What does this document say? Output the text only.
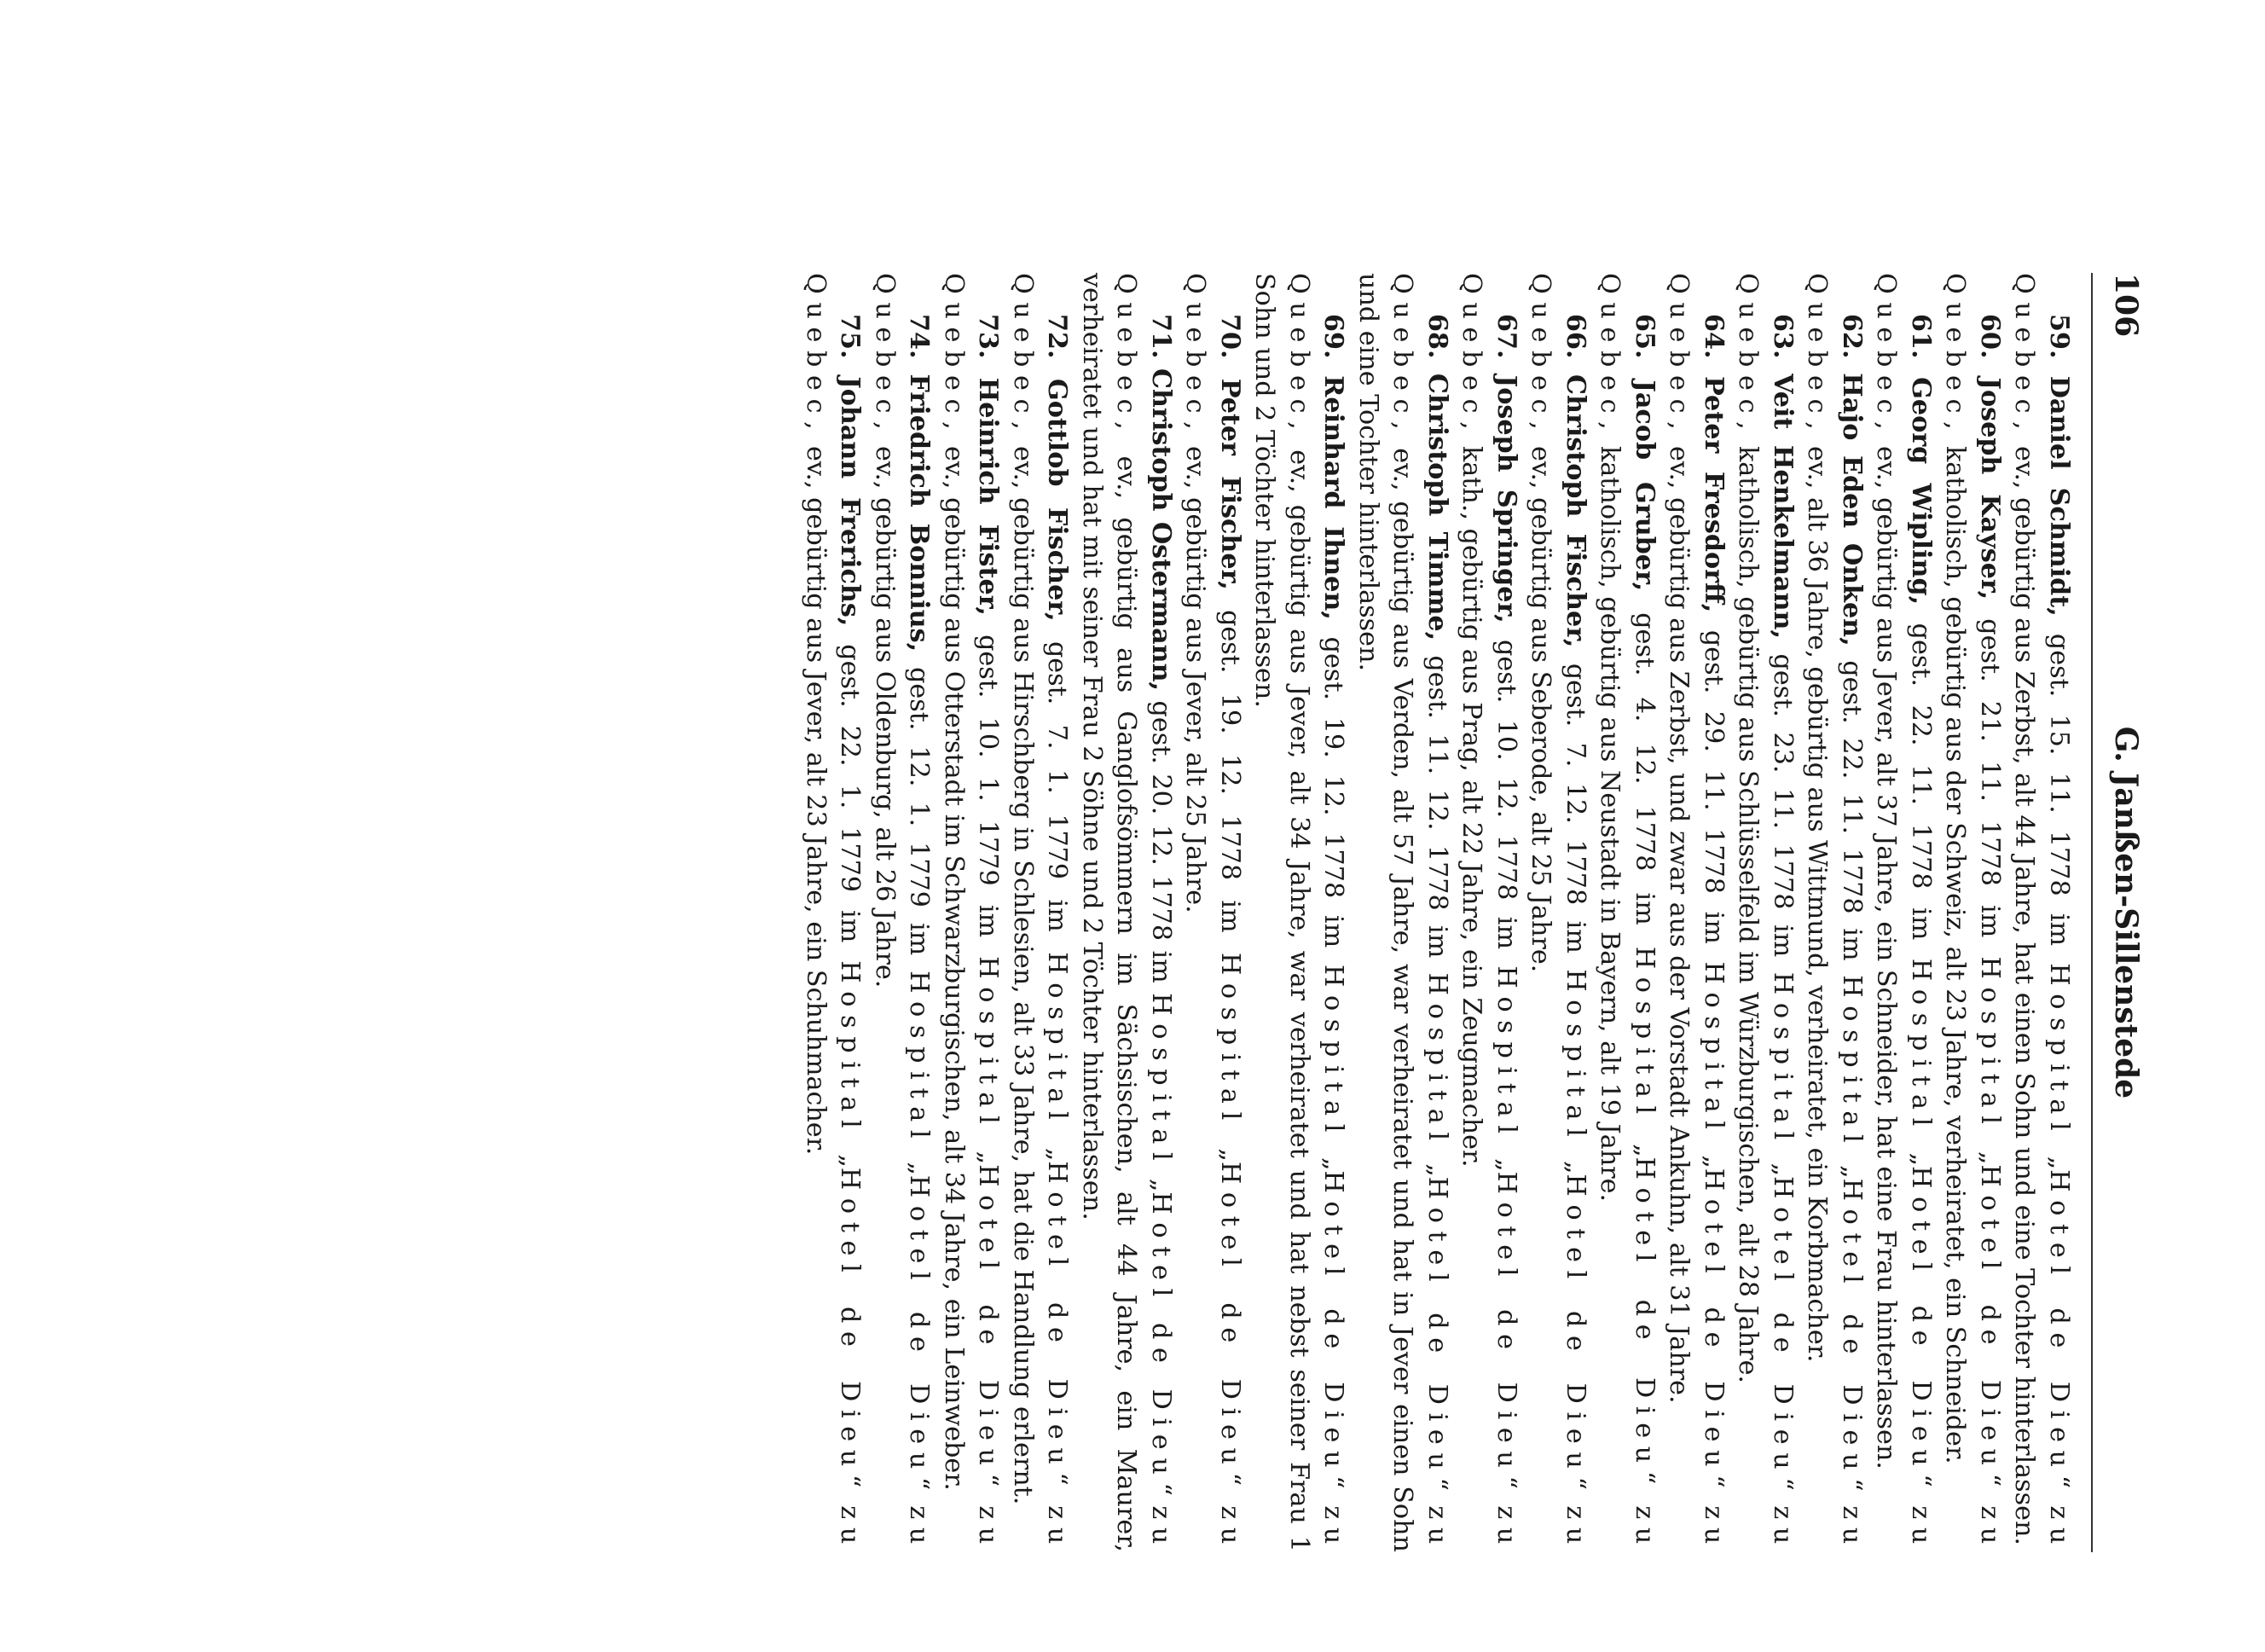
106
G. Janßen-Sillenstede

59. Daniel Schmidt, gest. 15. 11. 1778 im Hospital „Hotel de Dieu“ zu Quebec, ev., gebürtig aus Zerbst, alt 44 Jahre, hat einen Sohn und eine Tochter hinterlassen.

60. Joseph Kayser, gest. 21. 11. 1778 im Hospital „Hotel de Dieu“ zu Quebec, katholisch, gebürtig aus der Schweiz, alt 23 Jahre, verheiratet, ein Schneider.

61. Georg Wipling, gest. 22. 11. 1778 im Hospital „Hotel de Dieu“ zu Quebec, ev., gebürtig aus Jever, alt 37 Jahre, ein Schneider, hat eine Frau hinterlassen.

62. Hajo Eden Onken, gest. 22. 11. 1778 im Hospital „Hotel de Dieu“ zu Quebec, ev., alt 36 Jahre, gebürtig aus Wittmund, verheiratet, ein Korbmacher.

63. Veit Henkelmann, gest. 23. 11. 1778 im Hospital „Hotel de Dieu“ zu Quebec, katholisch, gebürtig aus Schlüsselfeld im Würzburgischen, alt 28 Jahre.

64. Peter Fresdorff, gest. 29. 11. 1778 im Hospital „Hotel de Dieu“ zu Quebec, ev., gebürtig aus Zerbst, und zwar aus der Vorstadt Ankuhn, alt 31 Jahre.

65. Jacob Gruber, gest. 4. 12. 1778 im Hospital „Hotel de Dieu“ zu Quebec, katholisch, gebürtig aus Neustadt in Bayern, alt 19 Jahre.

66. Christoph Fischer, gest. 7. 12. 1778 im Hospital „Hotel de Dieu“ zu Quebec, ev., gebürtig aus Seberode, alt 25 Jahre.

67. Joseph Springer, gest. 10. 12. 1778 im Hospital „Hotel de Dieu“ zu Quebec, kath., gebürtig aus Prag, alt 22 Jahre, ein Zeugmacher.

68. Christoph Timme, gest. 11. 12. 1778 im Hospital „Hotel de Dieu“ zu Quebec, ev., gebürtig aus Verden, alt 57 Jahre, war verheiratet und hat in Jever einen Sohn und eine Tochter hinterlassen.

69. Reinhard Ihnen, gest. 19. 12. 1778 im Hospital „Hotel de Dieu“ zu Quebec, ev., gebürtig aus Jever, alt 34 Jahre, war verheiratet und hat nebst seiner Frau 1 Sohn und 2 Töchter hinterlassen.

70. Peter Fischer, gest. 19. 12. 1778 im Hospital „Hotel de Dieu“ zu Quebec, ev., gebürtig aus Jever, alt 25 Jahre.

71. Christoph Ostermann, gest. 20. 12. 1778 im Hospital „Hotel de Dieu“ zu Quebec, ev., gebürtig aus Ganglofsömmern im Sächsischen, alt 44 Jahre, ein Maurer, verheiratet und hat mit seiner Frau 2 Söhne und 2 Töchter hinterlassen.

72. Gottlob Fischer, gest. 7. 1. 1779 im Hospital „Hotel de Dieu“ zu Quebec, ev., gebürtig aus Hirschberg in Schlesien, alt 33 Jahre, hat die Handlung erlernt.

73. Heinrich Fister, gest. 10. 1. 1779 im Hospital „Hotel de Dieu“ zu Quebec, ev., gebürtig aus Otterstadt im Schwarzburgischen, alt 34 Jahre, ein Leinweber.

74. Friedrich Bonnius, gest. 12. 1. 1779 im Hospital „Hotel de Dieu“ zu Quebec, ev., gebürtig aus Oldenburg, alt 26 Jahre.

75. Johann Frerichs, gest. 22. 1. 1779 im Hospital „Hotel de Dieu“ zu Quebec, ev., gebürtig aus Jever, alt 23 Jahre, ein Schuhmacher.
